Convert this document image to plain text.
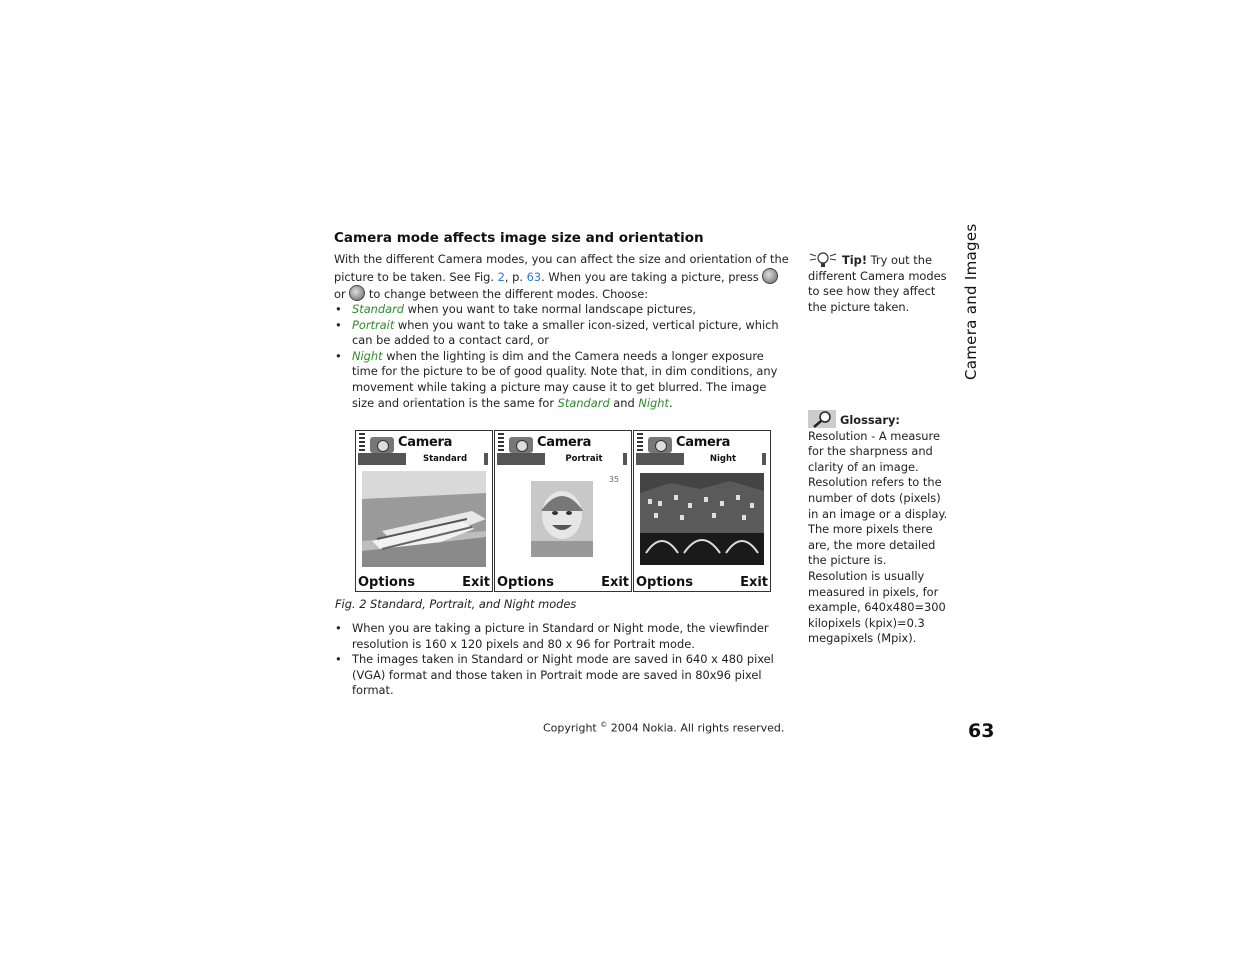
Camera mode affects image size and orientation
With the different Camera modes, you can affect the size and orientation of the picture to be taken. See Fig. 2, p. 63. When you are taking a picture, press  or  to change between the different modes. Choose:
• Standard when you want to take normal landscape pictures,
• Portrait when you want to take a smaller icon-sized, vertical picture, which can be added to a contact card, or
• Night when the lighting is dim and the Camera needs a longer exposure time for the picture to be of good quality. Note that, in dim conditions, any movement while taking a picture may cause it to get blurred. The image size and orientation is the same for Standard and Night.
Camera
Standard
Options	Exit
Camera
Portrait
35
Options	Exit
Camera
Night
Options	Exit
Fig. 2 Standard, Portrait, and Night modes
• When you are taking a picture in Standard or Night mode, the viewfinder resolution is 160 x 120 pixels and 80 x 96 for Portrait mode.
• The images taken in Standard or Night mode are saved in 640 x 480 pixel (VGA) format and those taken in Portrait mode are saved in 80x96 pixel format.
Tip! Try out the different Camera modes to see how they affect the picture taken.
Glossary:
Resolution - A measure for the sharpness and clarity of an image. Resolution refers to the number of dots (pixels) in an image or a display. The more pixels there are, the more detailed the picture is. Resolution is usually measured in pixels, for example, 640x480=300 kilopixels (kpix)=0.3 megapixels (Mpix).
Camera and Images
Copyright © 2004 Nokia. All rights reserved.	63
